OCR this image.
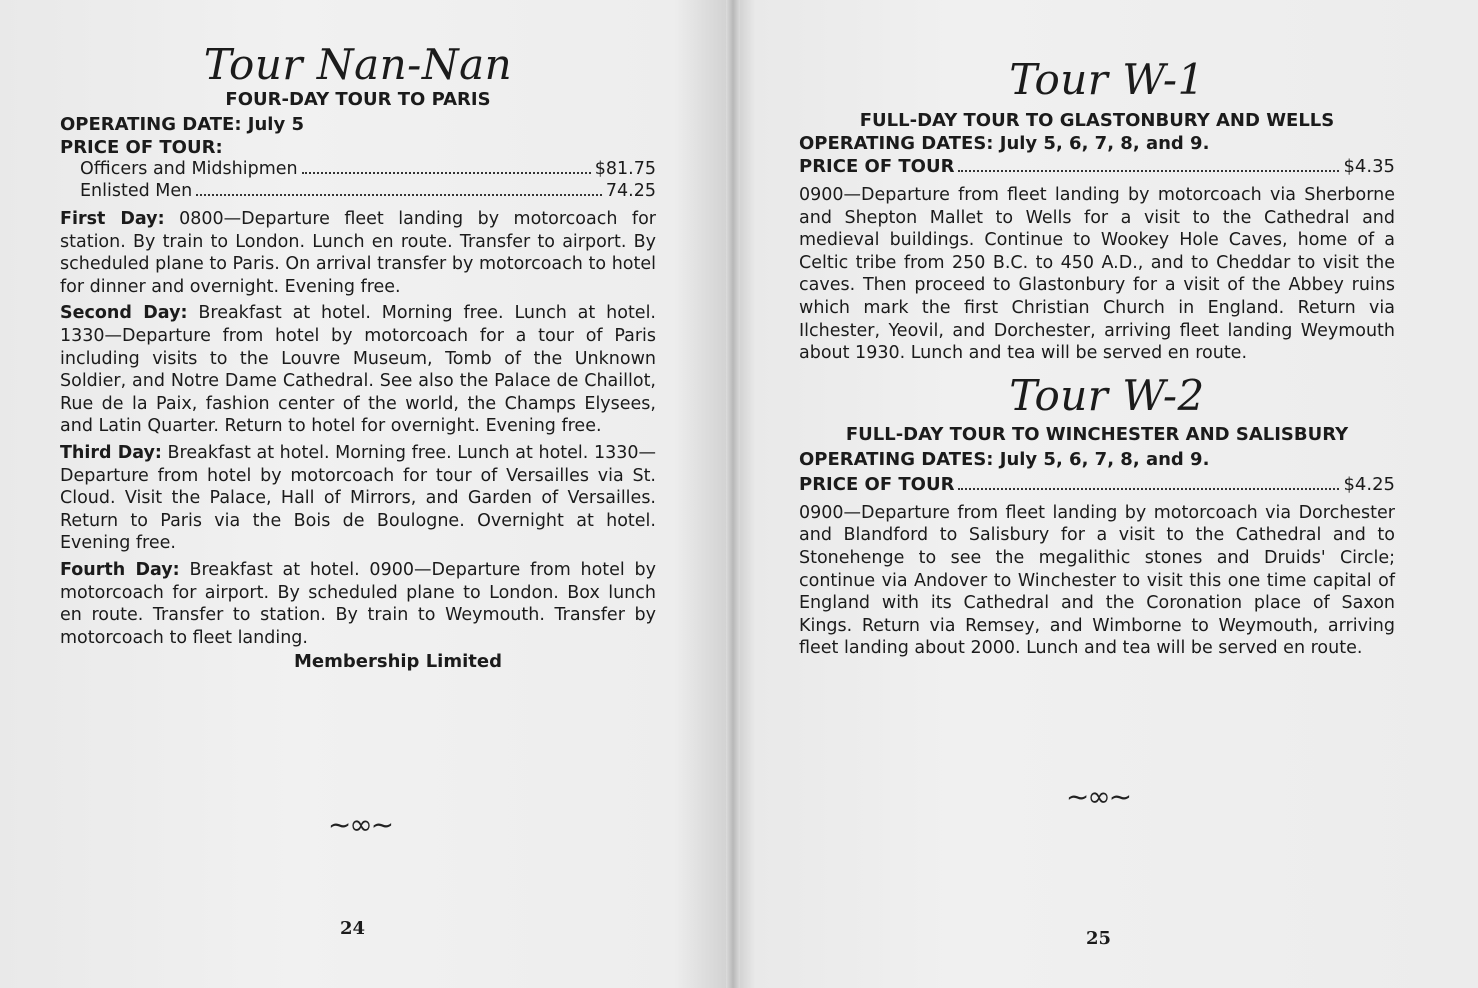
Tour Nan-Nan

FOUR-DAY TOUR TO PARIS

OPERATING DATE: July 5

PRICE OF TOUR:

Officers and Midshipmen	$81.75
Enlisted Men	74.25

First Day: 0800—Departure fleet landing by motorcoach for station. By train to London. Lunch en route. Transfer to airport. By scheduled plane to Paris. On arrival transfer by motorcoach to hotel for dinner and overnight. Evening free.

Second Day: Breakfast at hotel. Morning free. Lunch at hotel. 1330—Departure from hotel by motorcoach for a tour of Paris including visits to the Louvre Museum, Tomb of the Unknown Soldier, and Notre Dame Cathedral. See also the Palace de Chaillot, Rue de la Paix, fashion center of the world, the Champs Elysees, and Latin Quarter. Return to hotel for overnight. Evening free.

Third Day: Breakfast at hotel. Morning free. Lunch at hotel. 1330—Departure from hotel by motorcoach for tour of Versailles via St. Cloud. Visit the Palace, Hall of Mirrors, and Garden of Versailles. Return to Paris via the Bois de Boulogne. Overnight at hotel. Evening free.

Fourth Day: Breakfast at hotel. 0900—Departure from hotel by motorcoach for airport. By scheduled plane to London. Box lunch en route. Transfer to station. By train to Weymouth. Transfer by motorcoach to fleet landing.

Membership Limited

~∞~
24
Tour W-1

FULL-DAY TOUR TO GLASTONBURY AND WELLS

OPERATING DATES: July 5, 6, 7, 8, and 9.

PRICE OF TOUR	$4.35

0900—Departure from fleet landing by motorcoach via Sherborne and Shepton Mallet to Wells for a visit to the Cathedral and medieval buildings. Continue to Wookey Hole Caves, home of a Celtic tribe from 250 B.C. to 450 A.D., and to Cheddar to visit the caves. Then proceed to Glastonbury for a visit of the Abbey ruins which mark the first Christian Church in England. Return via Ilchester, Yeovil, and Dorchester, arriving fleet landing Weymouth about 1930. Lunch and tea will be served en route.

Tour W-2

FULL-DAY TOUR TO WINCHESTER AND SALISBURY

OPERATING DATES: July 5, 6, 7, 8, and 9.

PRICE OF TOUR	$4.25

0900—Departure from fleet landing by motorcoach via Dorchester and Blandford to Salisbury for a visit to the Cathedral and to Stonehenge to see the megalithic stones and Druids' Circle; continue via Andover to Winchester to visit this one time capital of England with its Cathedral and the Coronation place of Saxon Kings. Return via Remsey, and Wimborne to Weymouth, arriving fleet landing about 2000. Lunch and tea will be served en route.

~∞~
25
